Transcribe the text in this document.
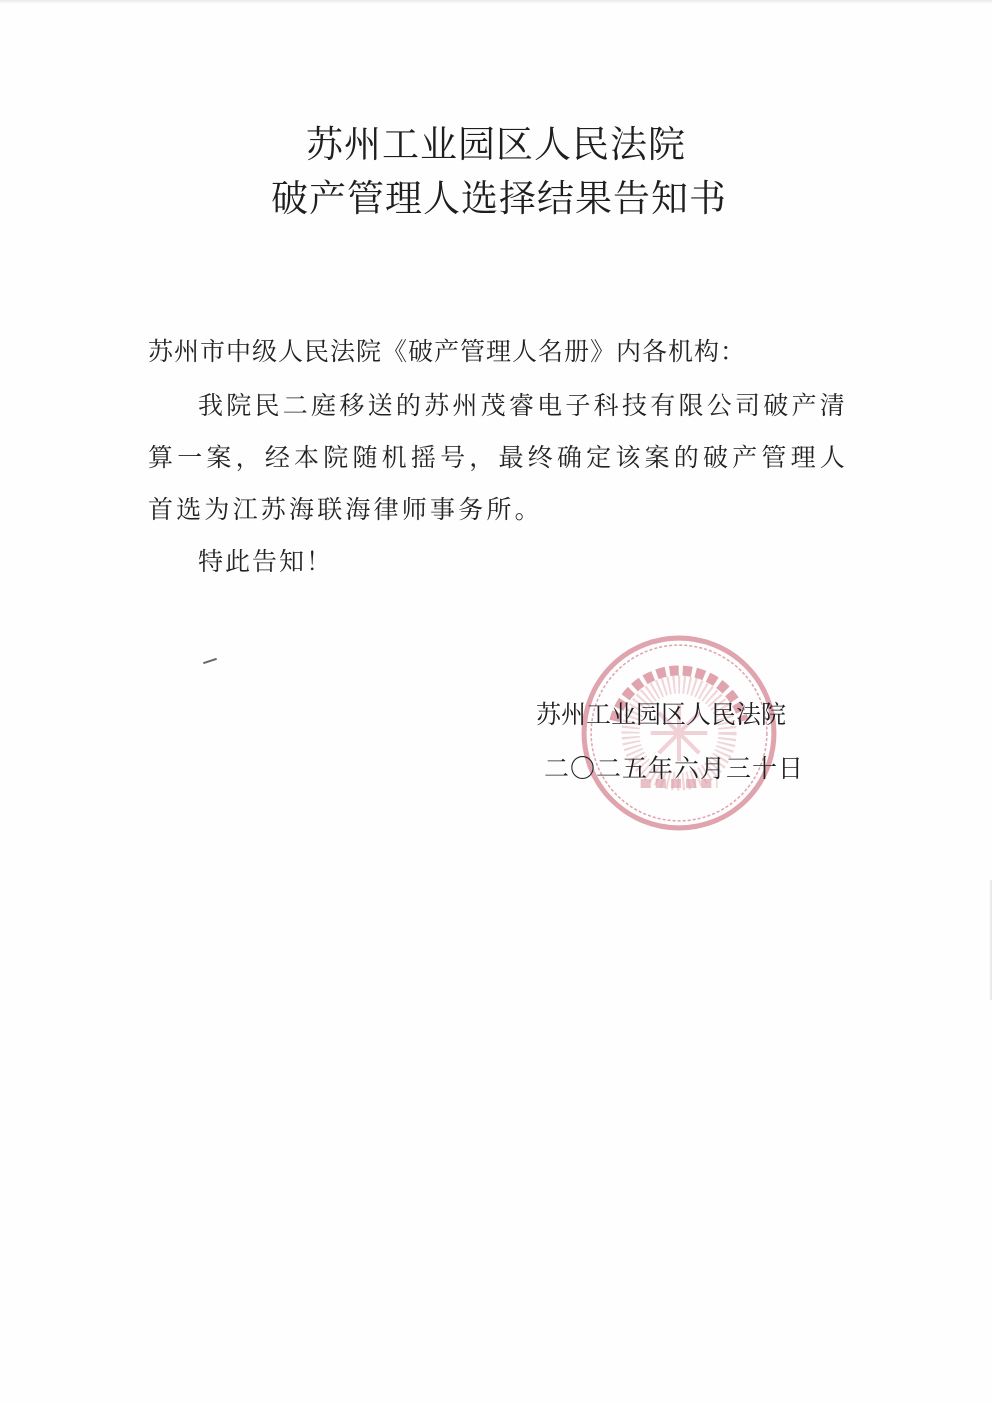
苏州工业园区人民法院
破产管理人选择结果告知书
苏州市中级人民法院《破产管理人名册》内各机构：
我院民二庭移送的苏州茂睿电子科技有限公司破产清算一案，经本院随机摇号，最终确定该案的破产管理人首选为江苏海联海律师事务所。
特此告知！
苏州工业园区人民法院
二〇二五年六月三十日
